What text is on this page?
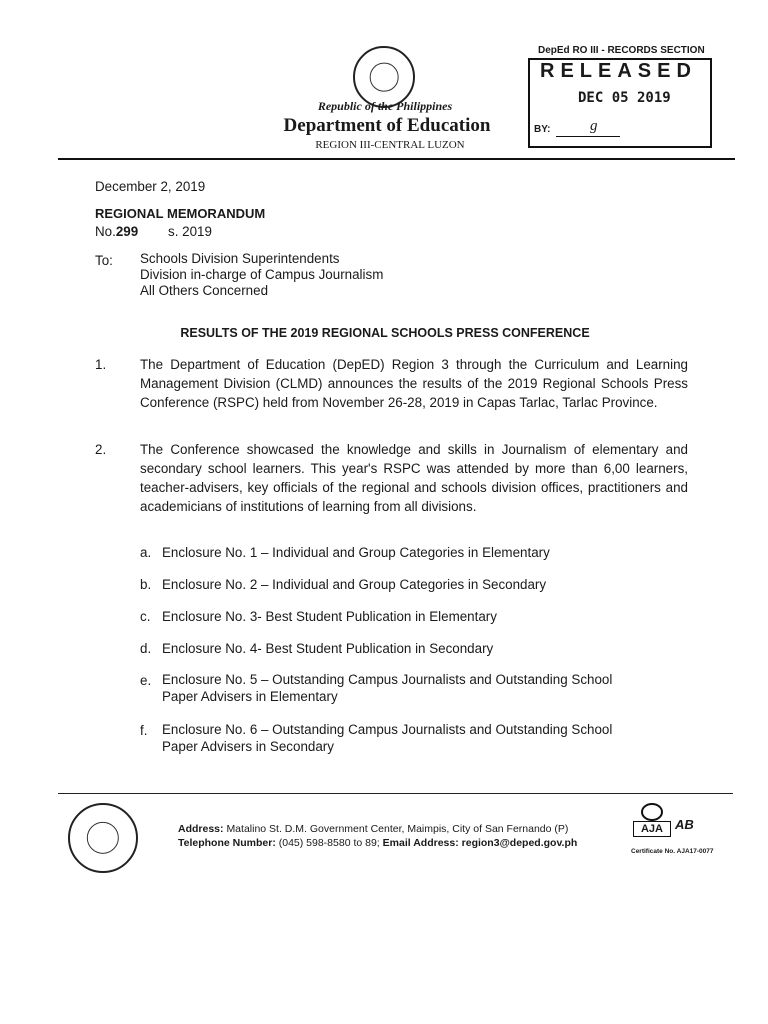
Republic of the Philippines
Department of Education
REGION III-CENTRAL LUZON
DepEd RO III - RECORDS SECTION
RELEASED
DEC 05 2019
BY:	g
December 2, 2019
REGIONAL MEMORANDUM
No.299 s. 2019
To: Schools Division Superintendents
Division in-charge of Campus Journalism
All Others Concerned
RESULTS OF THE 2019 REGIONAL SCHOOLS PRESS CONFERENCE
1.	The Department of Education (DepED) Region 3 through the Curriculum and Learning Management Division (CLMD) announces the results of the 2019 Regional Schools Press Conference (RSPC) held from November 26-28, 2019 in Capas Tarlac, Tarlac Province.
2.	The Conference showcased the knowledge and skills in Journalism of elementary and secondary school learners. This year's RSPC was attended by more than 6,00 learners, teacher-advisers, key officials of the regional and schools division offices, practitioners and academicians of institutions of learning from all divisions.
a. Enclosure No. 1 – Individual and Group Categories in Elementary
b. Enclosure No. 2 – Individual and Group Categories in Secondary
c. Enclosure No. 3- Best Student Publication in Elementary
d. Enclosure No. 4- Best Student Publication in Secondary
e. Enclosure No. 5 – Outstanding Campus Journalists and Outstanding School
Paper Advisers in Elementary
f. Enclosure No. 6 – Outstanding Campus Journalists and Outstanding School
Paper Advisers in Secondary
Address: Matalino St. D.M. Government Center, Maimpis, City of San Fernando (P)
Telephone Number: (045) 598-8580 to 89; Email Address: region3@deped.gov.ph
AJA AB
Certificate No. AJA17-0077
